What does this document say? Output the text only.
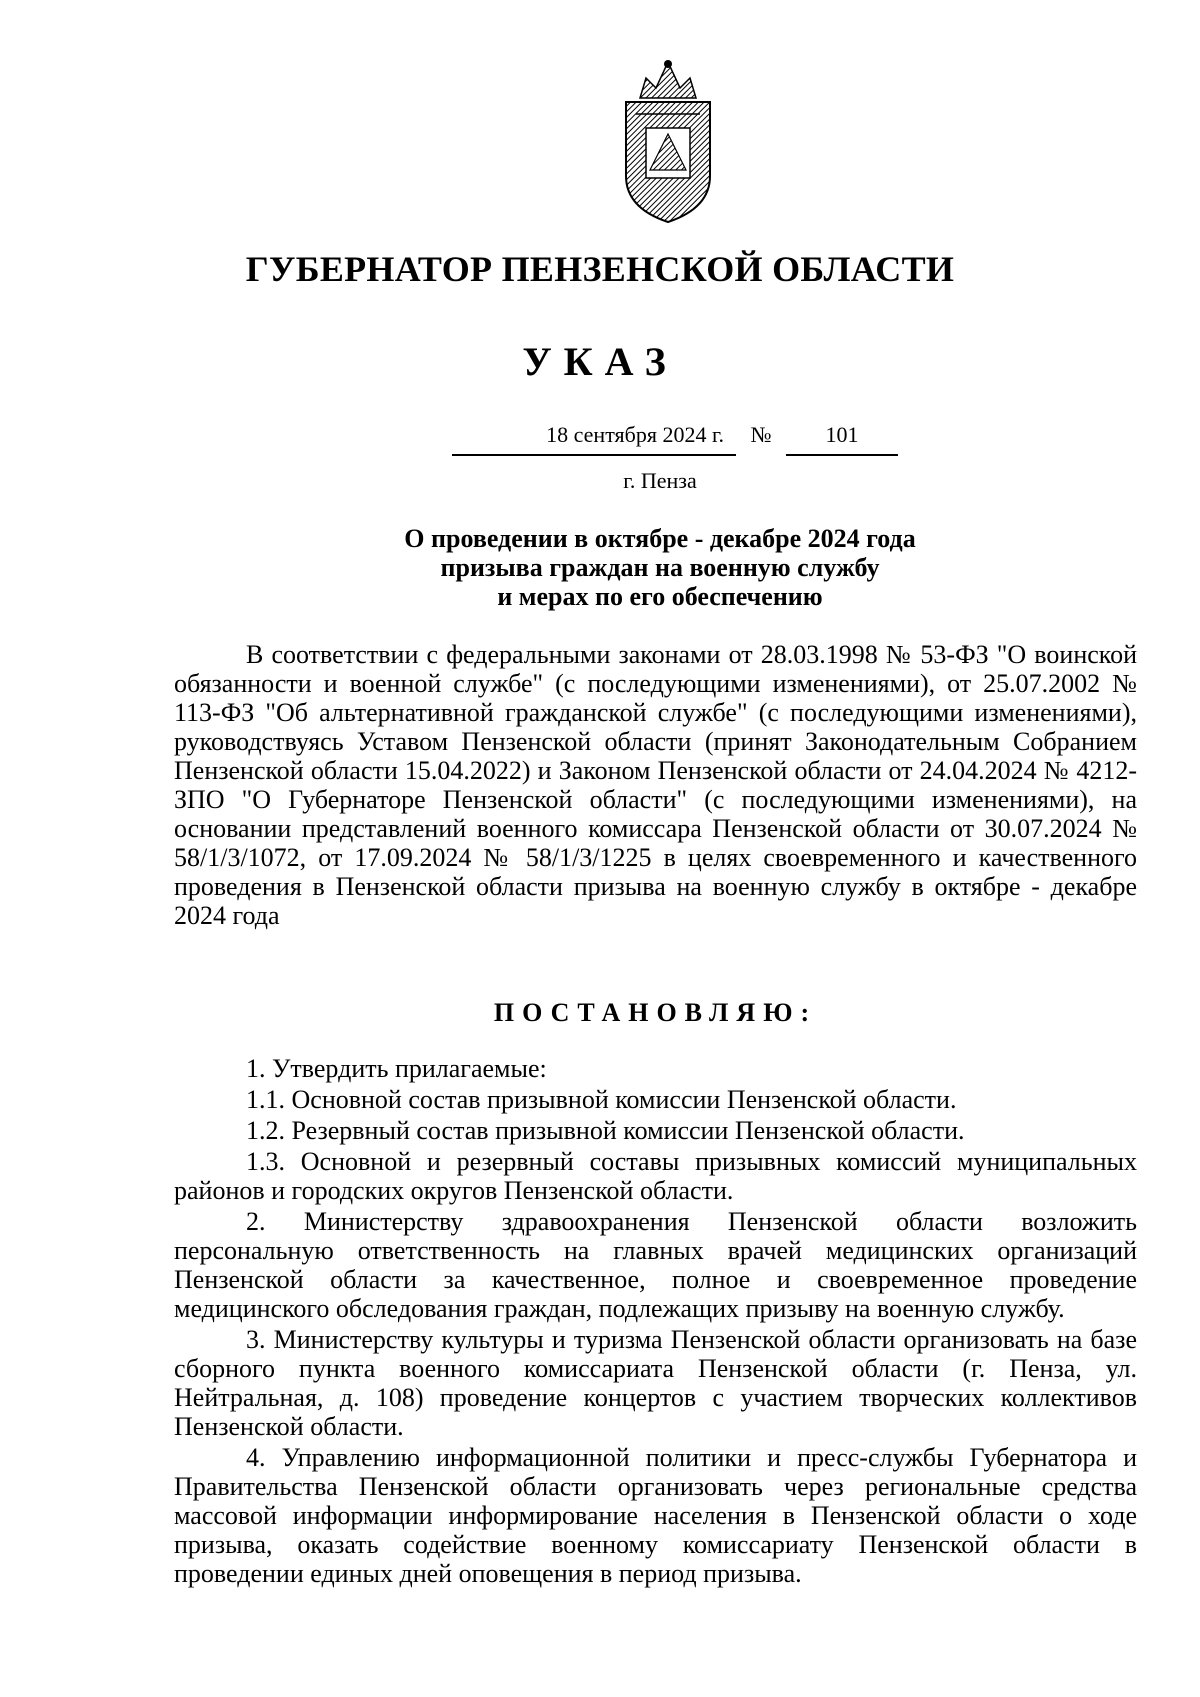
ГУБЕРНАТОР ПЕНЗЕНСКОЙ ОБЛАСТИ
УКАЗ
18 сентября 2024 г.	№	101
г. Пенза
О проведении в октябре - декабре 2024 года
призыва граждан на военную службу
и мерах по его обеспечению

В соответствии с федеральными законами от 28.03.1998 № 53-ФЗ "О воинской обязанности и военной службе" (с последующими изменениями), от 25.07.2002 № 113-ФЗ "Об альтернативной гражданской службе" (с последующими изменениями), руководствуясь Уставом Пензенской области (принят Законодательным Собранием Пензенской области 15.04.2022) и Законом Пензенской области от 24.04.2024 № 4212-ЗПО "О Губернаторе Пензенской области" (с последующими изменениями), на основании представлений военного комиссара Пензенской области от 30.07.2024 № 58/1/3/1072, от 17.09.2024 № 58/1/3/1225 в целях своевременного и качественного проведения в Пензенской области призыва на военную службу в октябре - декабре 2024 года

ПОСТАНОВЛЯЮ:

1. Утвердить прилагаемые:

1.1. Основной состав призывной комиссии Пензенской области.

1.2. Резервный состав призывной комиссии Пензенской области.

1.3. Основной и резервный составы призывных комиссий муниципальных районов и городских округов Пензенской области.

2. Министерству здравоохранения Пензенской области возложить персональную ответственность на главных врачей медицинских организаций Пензенской области за качественное, полное и своевременное проведение медицинского обследования граждан, подлежащих призыву на военную службу.

3. Министерству культуры и туризма Пензенской области организовать на базе сборного пункта военного комиссариата Пензенской области (г. Пенза, ул. Нейтральная, д. 108) проведение концертов с участием творческих коллективов Пензенской области.

4. Управлению информационной политики и пресс-службы Губернатора и Правительства Пензенской области организовать через региональные средства массовой информации информирование населения в Пензенской области о ходе призыва, оказать содействие военному комиссариату Пензенской области в проведении единых дней оповещения в период призыва.
